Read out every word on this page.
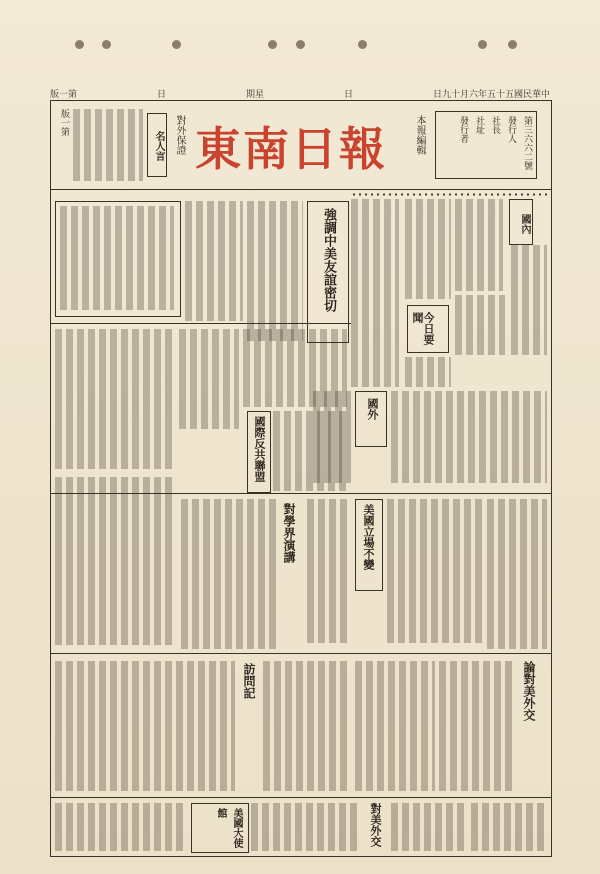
版一第	日	期星	日	日九十月六年五十五國民華中
版一第
名人言	對外保證 東南日報	本報編輯	第三六六二號
發行人
社長
社址
發行者
國內
今日要聞
強調中美友誼密切
國際反共聯盟
國外
美國立場不變
對學界演講
論對美外交
訪問記
對美外交
美國大使館
